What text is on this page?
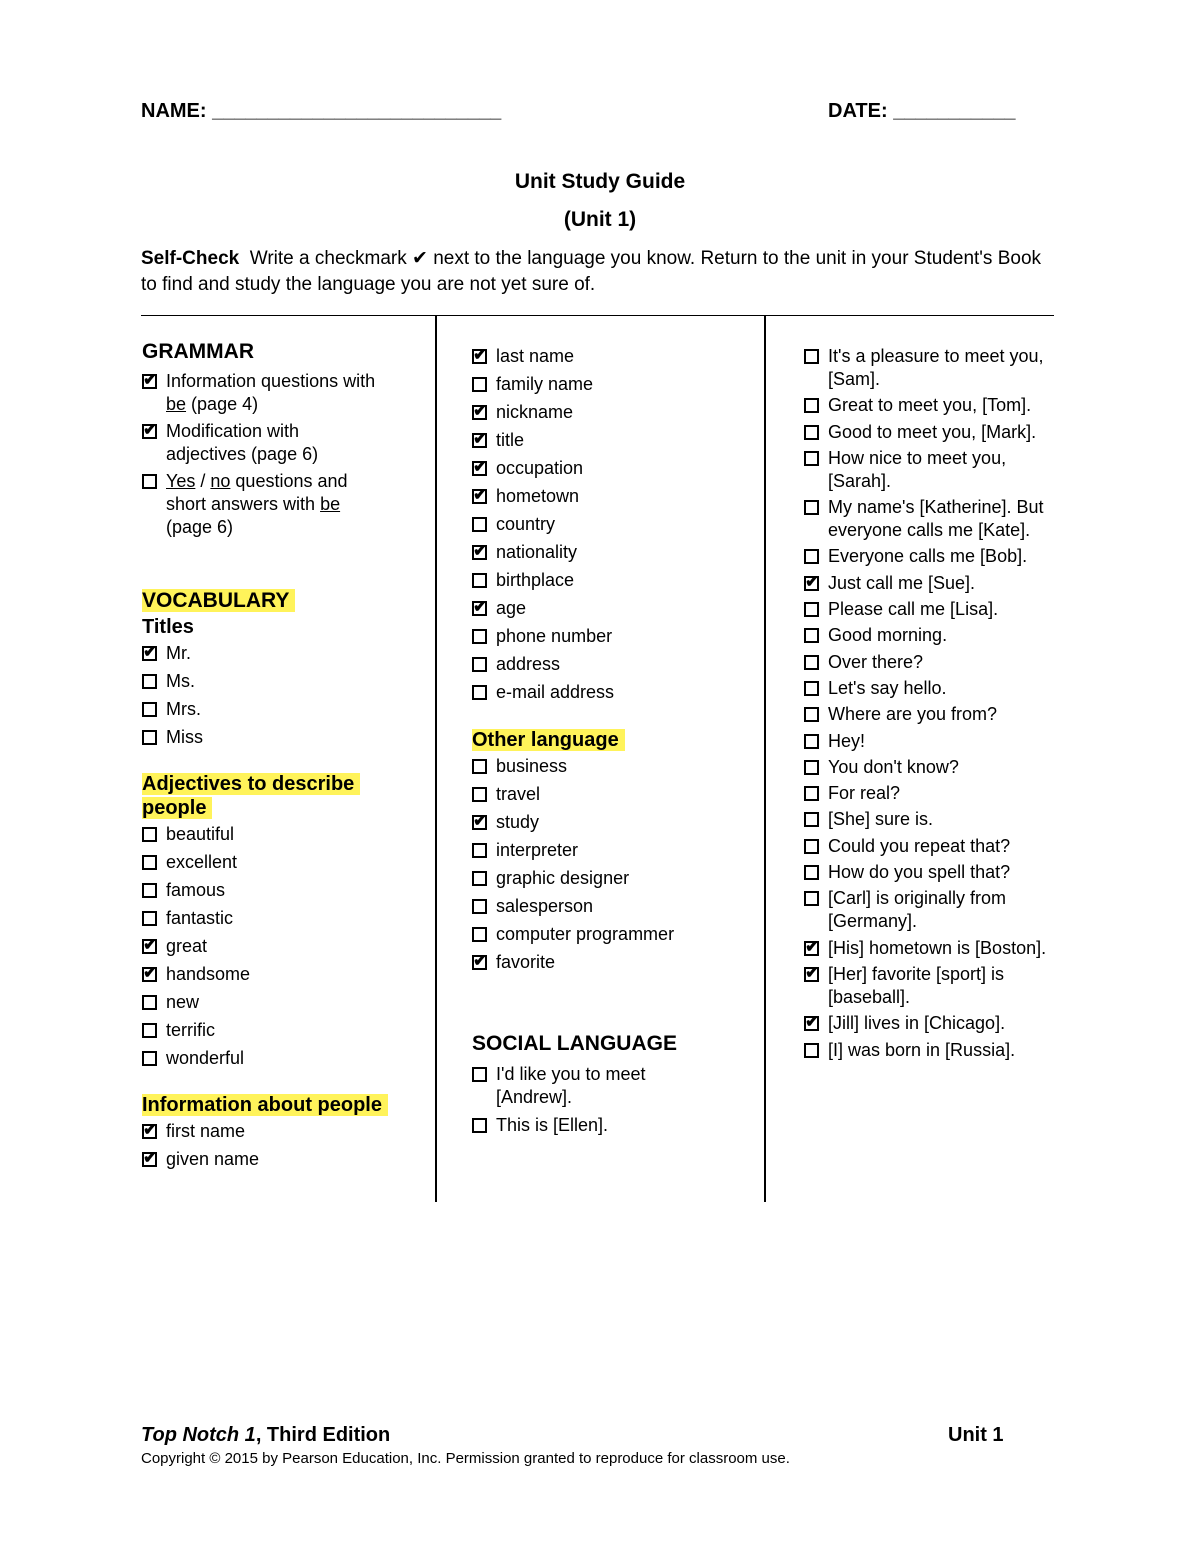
NAME: __________________________	DATE: ___________
Unit Study Guide
(Unit 1)
Self-Check Write a checkmark ✔ next to the language you know. Return to the unit in your Student's Book to find and study the language you are not yet sure of.
GRAMMAR
✔
Information questions with
be (page 4)
✔
Modification with
adjectives (page 6)
Yes / no questions and
short answers with be
(page 6)
VOCABULARY
Titles
✔
Mr.
Ms.
Mrs.
Miss
Adjectives to describe people
beautiful
excellent
famous
fantastic
✔
great
✔
handsome
new
terrific
wonderful
Information about people
✔
first name
✔
given name
✔
last name
family name
✔
nickname
✔
title
✔
occupation
✔
hometown
country
✔
nationality
birthplace
✔
age
phone number
address
e-mail address
Other language
business
travel
✔
study
interpreter
graphic designer
salesperson
computer programmer
✔
favorite
SOCIAL LANGUAGE
I'd like you to meet [Andrew].
This is [Ellen].
It's a pleasure to meet you, [Sam].
Great to meet you, [Tom].
Good to meet you, [Mark].
How nice to meet you, [Sarah].
My name's [Katherine]. But everyone calls me [Kate].
Everyone calls me [Bob].
✔
Just call me [Sue].
Please call me [Lisa].
Good morning.
Over there?
Let's say hello.
Where are you from?
Hey!
You don't know?
For real?
[She] sure is.
Could you repeat that?
How do you spell that?
[Carl] is originally from [Germany].
✔
[His] hometown is [Boston].
✔
[Her] favorite [sport] is [baseball].
✔
[Jill] lives in [Chicago].
[I] was born in [Russia].
Top Notch 1, Third Edition	Unit 1
Copyright © 2015 by Pearson Education, Inc. Permission granted to reproduce for classroom use.
